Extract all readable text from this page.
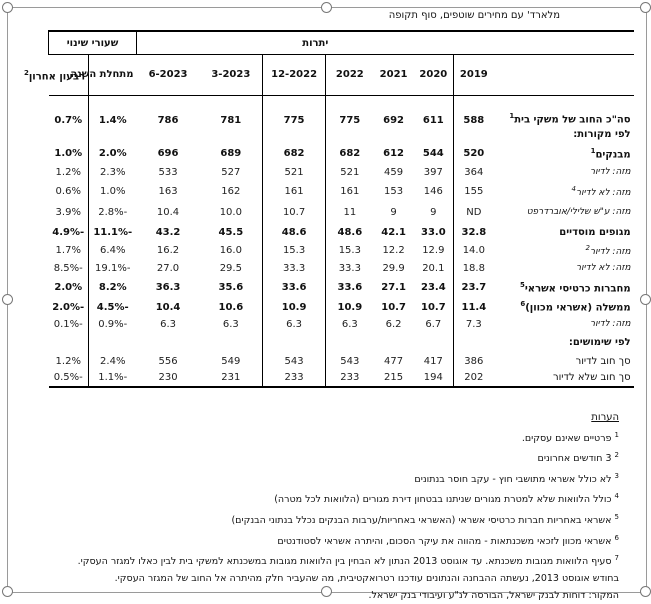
מלארד' עם מחירים שוטפים, סוף תקופה
	יתרות							שעורי שינוי	
	2019	2020	2021	2022	12-2022	3-2023	6-2023	מתחלת השנה	רבעון אחרון$^2$
סה"כ החוב של משקי בית$^1$	588	611	692	775	775	781	786	1.4%	0.7%
לפי מקורות:									
מבנקים$^1$	520	544	612	682	682	689	696	2.0%	1.0%
מזה: לדיור	364	397	459	521	521	527	533	2.3%	1.2%
מזה: לא לדיור$^4$	155	146	153	161	161	162	163	1.0%	0.6%
מזה: ע"ש שלילי/אוברדרפט	ND	9	9	11	10.7	10.0	10.4	-2.8%	3.9%
מגופים מוסדיים	32.8	33.0	42.1	48.6	48.6	45.5	43.2	-11.1%	-4.9%
מזה: לדיור$^2$	14.0	12.9	12.2	15.3	15.3	16.0	16.2	6.4%	1.7%
מזה: לא לדיור	18.8	20.1	29.9	33.3	33.3	29.5	27.0	-19.1%	-8.5%
מחברות כרטיסי אשראי$^5$	23.7	23.4	27.1	33.6	33.6	35.6	36.3	8.2%	2.0%
ממשלה (אשראי מכוון)$^6$	11.4	10.7	10.7	10.9	10.9	10.6	10.4	-4.5%	-2.0%
מזה: לדיור	7.3	6.7	6.2	6.3	6.3	6.3	6.3	-0.9%	-0.1%
לפי שימושים:									
סך חוב לדיור	386	417	477	543	543	549	556	2.4%	1.2%
סך חוב שלא לדיור	202	194	215	233	233	231	230	-1.1%	-0.5%
הערות
$^1$ פרטיים שאינם עסקים.
$^2$ 3 חודשים אחרונים
$^3$ לא כולל אשראי מתושבי חוץ - עקב חוסר בנתונים
$^4$ כולל הלוואות שלא למטרת מגורים שניתנו בבטחון דירת מגורים (הלוואות לכל מטרה)
$^5$ אשראי באחריות חברות כרטיסי אשראי (האשראי באחריות/ערבות הבנקים נכלל בנתוני הבנקים)
$^6$ אשראי מכוון לזכאי משכנתאות - מהווה את עיקר הסכום, והיתרה אשראי לסטודנטים
$^7$ סעיף הלוואות מגובות משכנתא. עד אוגוסט 2013 הנתון לא הבחין בין הלוואות מגובות במשכנתא למשקי בית לבין כאלו למגזר העסקי.
בחודש אוגוסט 2013, נעשתה ההבחנה והנתונים עודכנו רטרואקטיבית, מה שהעביר חלק מהיתרה אל החוב של המגזר העסקי.
המקור: דוחות לבנק ישראל, הבורסה לנ"ע ועיבודי בנק ישראל.
